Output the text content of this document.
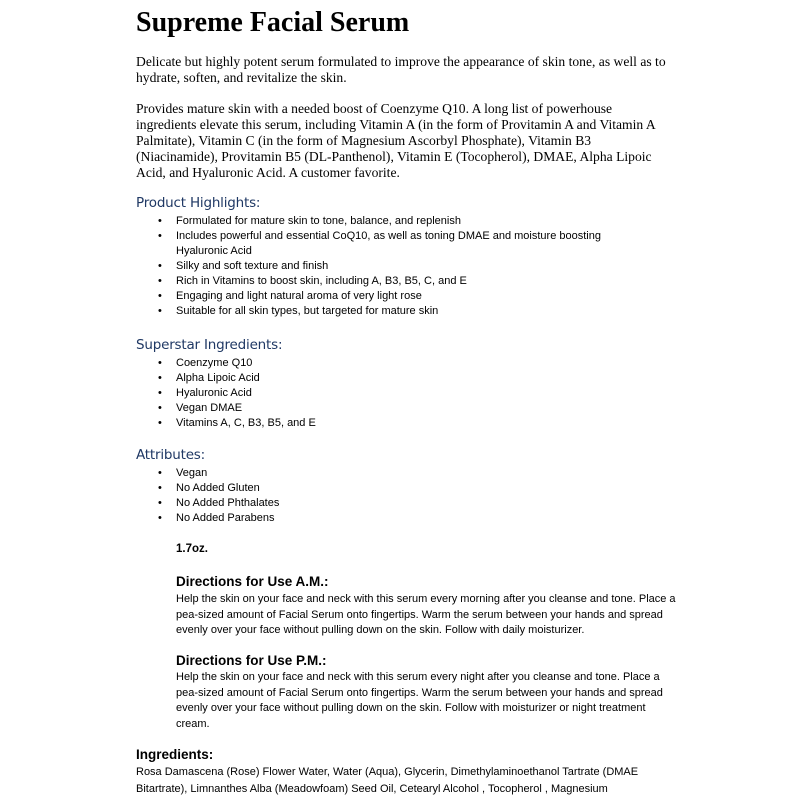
Supreme Facial Serum

Delicate but highly potent serum formulated to improve the appearance of skin tone, as well as to hydrate, soften, and revitalize the skin.

Provides mature skin with a needed boost of Coenzyme Q10. A long list of powerhouse ingredients elevate this serum, including Vitamin A (in the form of Provitamin A and Vitamin A Palmitate), Vitamin C (in the form of Magnesium Ascorbyl Phosphate), Vitamin B3 (Niacinamide), Provitamin B5 (DL-Panthenol), Vitamin E (Tocopherol), DMAE, Alpha Lipoic Acid, and Hyaluronic Acid. A customer favorite.

Product Highlights:
• Formulated for mature skin to tone, balance, and replenish
• Includes powerful and essential CoQ10, as well as toning DMAE and moisture boosting Hyaluronic Acid
• Silky and soft texture and finish
• Rich in Vitamins to boost skin, including A, B3, B5, C, and E
• Engaging and light natural aroma of very light rose
• Suitable for all skin types, but targeted for mature skin
Superstar Ingredients:
• Coenzyme Q10
• Alpha Lipoic Acid
• Hyaluronic Acid
• Vegan DMAE
• Vitamins A, C, B3, B5, and E
Attributes:
• Vegan
• No Added Gluten
• No Added Phthalates
• No Added Parabens

1.7oz.

Directions for Use A.M.:

Help the skin on your face and neck with this serum every morning after you cleanse and tone. Place a pea-sized amount of Facial Serum onto fingertips. Warm the serum between your hands and spread evenly over your face without pulling down on the skin. Follow with daily moisturizer.

Directions for Use P.M.:

Help the skin on your face and neck with this serum every night after you cleanse and tone. Place a pea-sized amount of Facial Serum onto fingertips. Warm the serum between your hands and spread evenly over your face without pulling down on the skin. Follow with moisturizer or night treatment cream.

Ingredients:

Rosa Damascena (Rose) Flower Water, Water (Aqua), Glycerin, Dimethylaminoethanol Tartrate (DMAE Bitartrate), Limnanthes Alba (Meadowfoam) Seed Oil, Cetearyl Alcohol , Tocopherol , Magnesium
